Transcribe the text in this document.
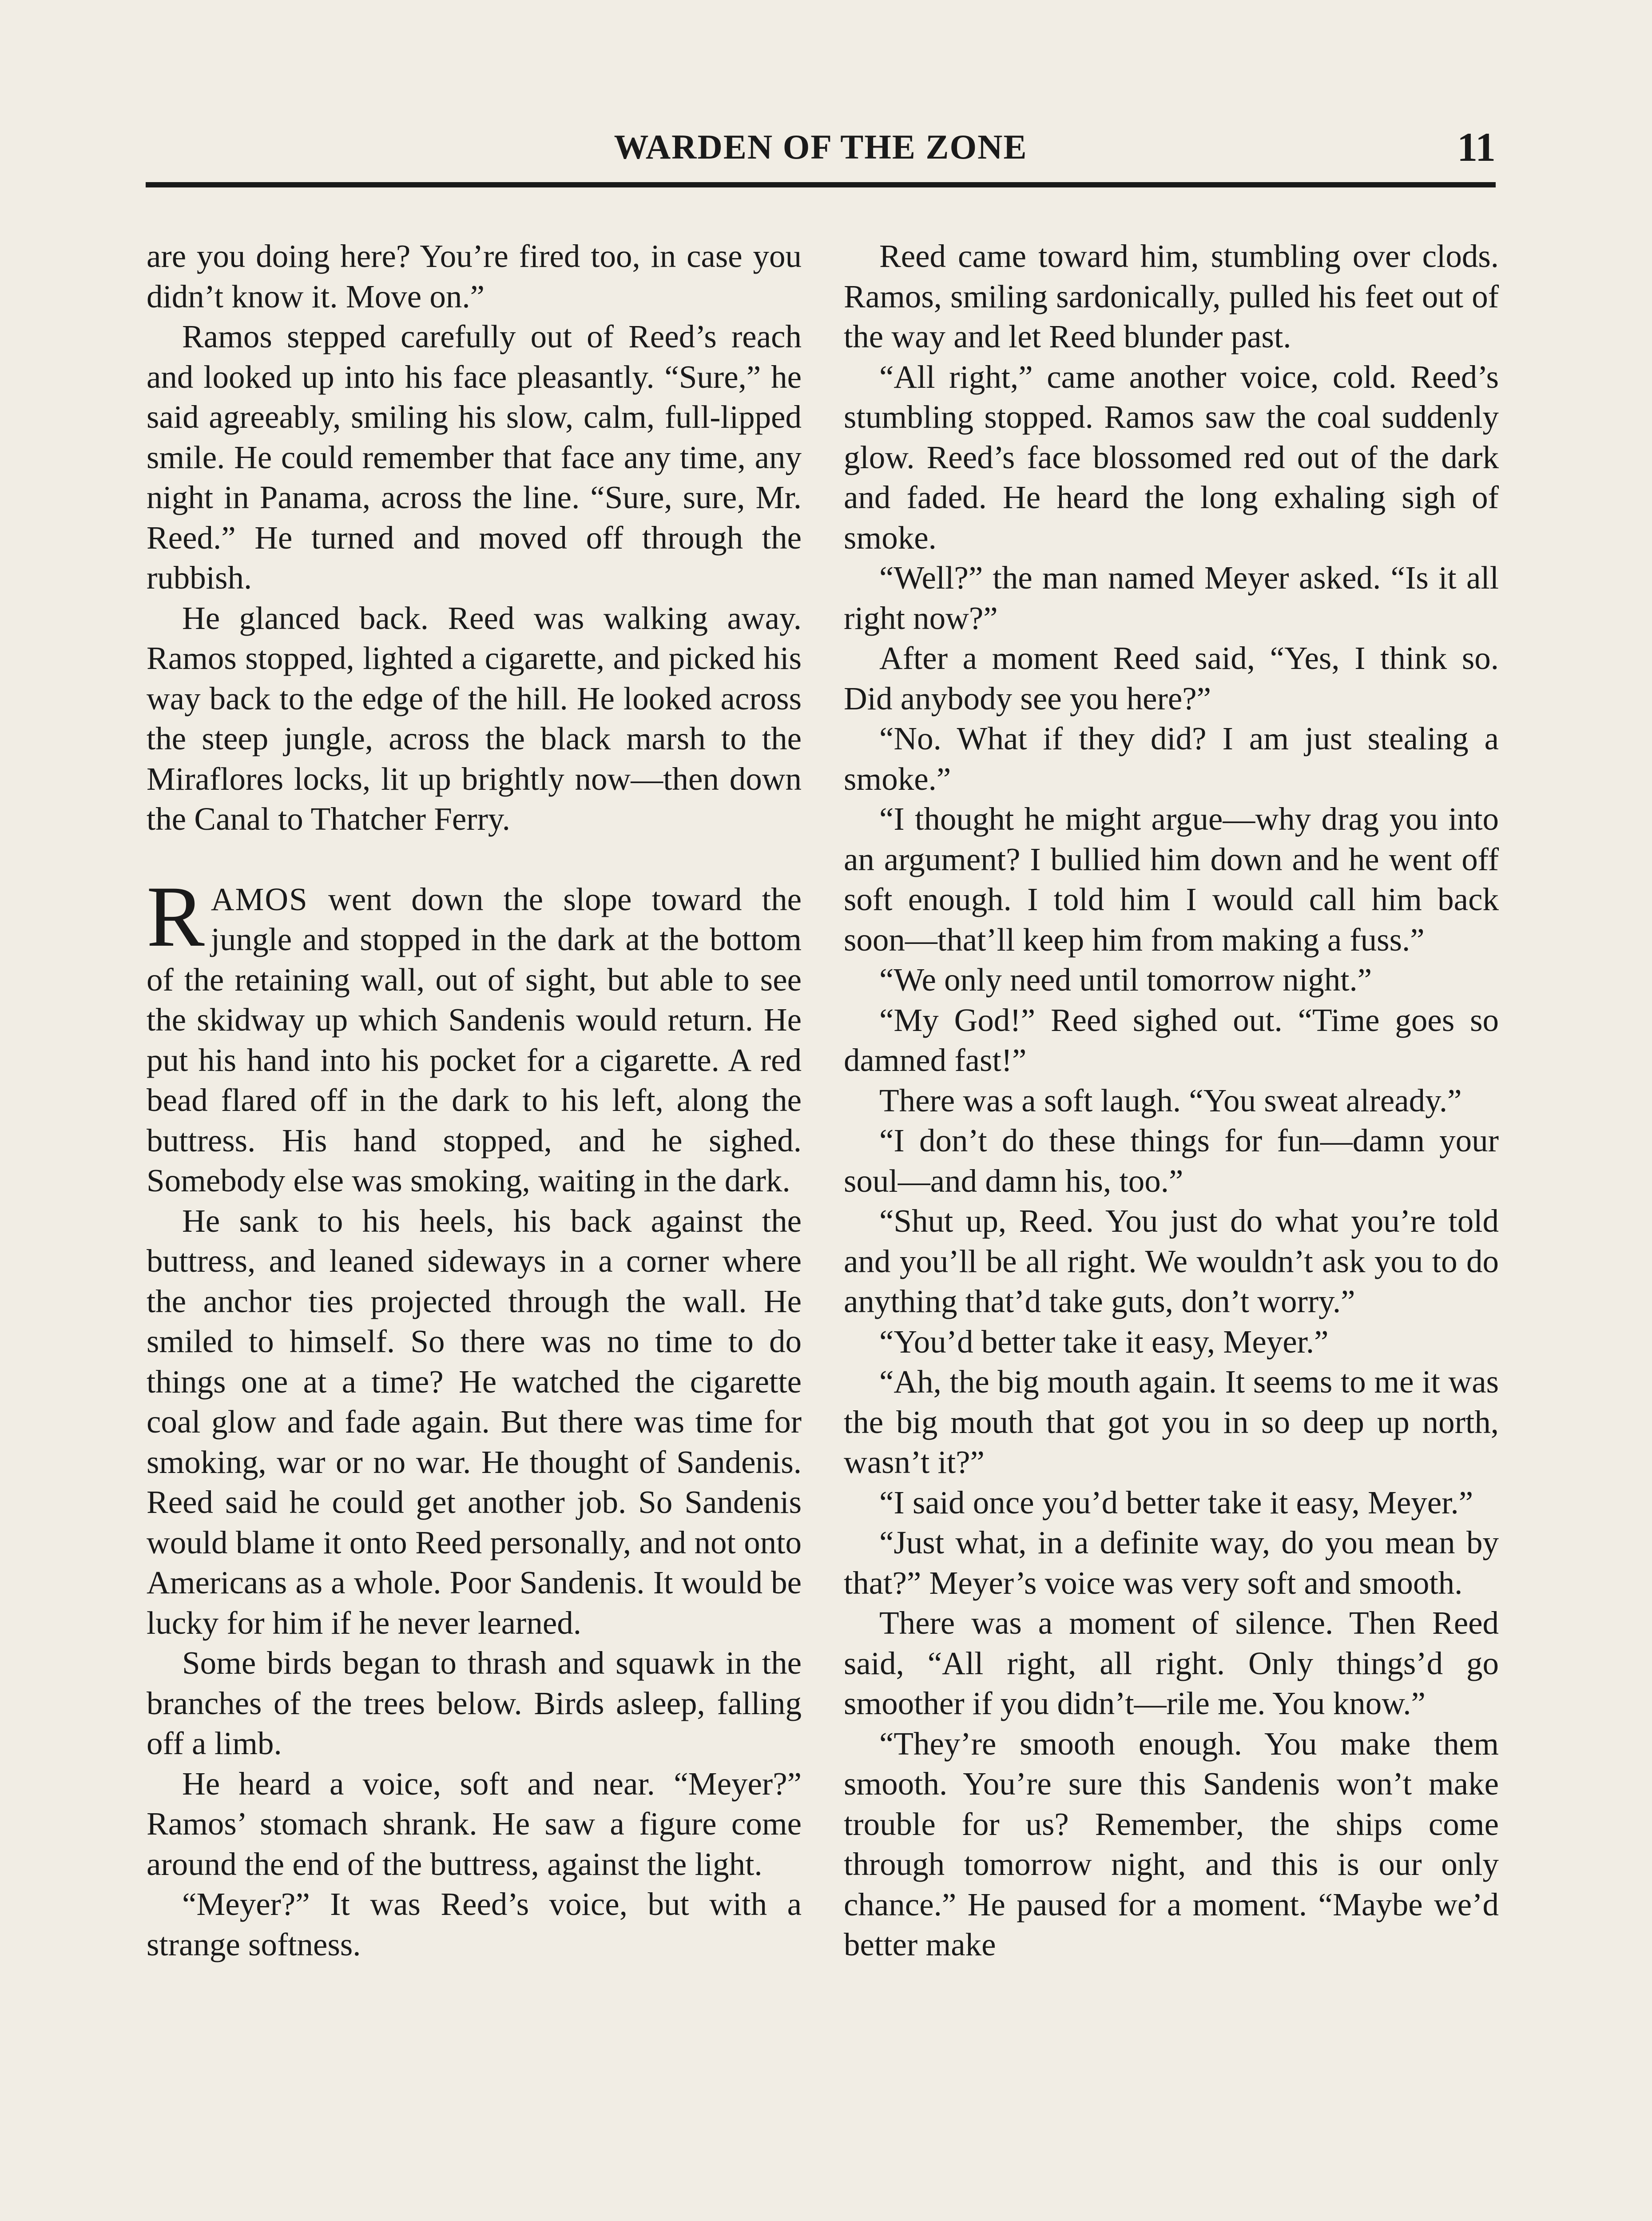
WARDEN OF THE ZONE	11

are you doing here? You’re fired too, in case you didn’t know it. Move on.”

Ramos stepped carefully out of Reed’s reach and looked up into his face pleasantly. “Sure,” he said agreeably, smiling his slow, calm, full-lipped smile. He could remember that face any time, any night in Panama, across the line. “Sure, sure, Mr. Reed.” He turned and moved off through the rubbish.

He glanced back. Reed was walking away. Ramos stopped, lighted a cigarette, and picked his way back to the edge of the hill. He looked across the steep jungle, across the black marsh to the Miraflores locks, lit up brightly now—then down the Canal to Thatcher Ferry.

RAMOS went down the slope toward the jungle and stopped in the dark at the bottom of the retaining wall, out of sight, but able to see the skidway up which Sandenis would return. He put his hand into his pocket for a cigarette. A red bead flared off in the dark to his left, along the buttress. His hand stopped, and he sighed. Somebody else was smoking, waiting in the dark.

He sank to his heels, his back against the buttress, and leaned sideways in a corner where the anchor ties projected through the wall. He smiled to himself. So there was no time to do things one at a time? He watched the cigarette coal glow and fade again. But there was time for smoking, war or no war. He thought of Sandenis. Reed said he could get another job. So Sandenis would blame it onto Reed personally, and not onto Americans as a whole. Poor Sandenis. It would be lucky for him if he never learned.

Some birds began to thrash and squawk in the branches of the trees below. Birds asleep, falling off a limb.

He heard a voice, soft and near. “Meyer?” Ramos’ stomach shrank. He saw a figure come around the end of the buttress, against the light.

“Meyer?” It was Reed’s voice, but with a strange softness.

Reed came toward him, stumbling over clods. Ramos, smiling sardonically, pulled his feet out of the way and let Reed blunder past.

“All right,” came another voice, cold. Reed’s stumbling stopped. Ramos saw the coal suddenly glow. Reed’s face blossomed red out of the dark and faded. He heard the long exhaling sigh of smoke.

“Well?” the man named Meyer asked. “Is it all right now?”

After a moment Reed said, “Yes, I think so. Did anybody see you here?”

“No. What if they did? I am just stealing a smoke.”

“I thought he might argue—why drag you into an argument? I bullied him down and he went off soft enough. I told him I would call him back soon—that’ll keep him from making a fuss.”

“We only need until tomorrow night.”

“My God!” Reed sighed out. “Time goes so damned fast!”

There was a soft laugh. “You sweat already.”

“I don’t do these things for fun—damn your soul—and damn his, too.”

“Shut up, Reed. You just do what you’re told and you’ll be all right. We wouldn’t ask you to do anything that’d take guts, don’t worry.”

“You’d better take it easy, Meyer.”

“Ah, the big mouth again. It seems to me it was the big mouth that got you in so deep up north, wasn’t it?”

“I said once you’d better take it easy, Meyer.”

“Just what, in a definite way, do you mean by that?” Meyer’s voice was very soft and smooth.

There was a moment of silence. Then Reed said, “All right, all right. Only things’d go smoother if you didn’t—rile me. You know.”

“They’re smooth enough. You make them smooth. You’re sure this Sandenis won’t make trouble for us? Remember, the ships come through tomorrow night, and this is our only chance.” He paused for a moment. “Maybe we’d better make
